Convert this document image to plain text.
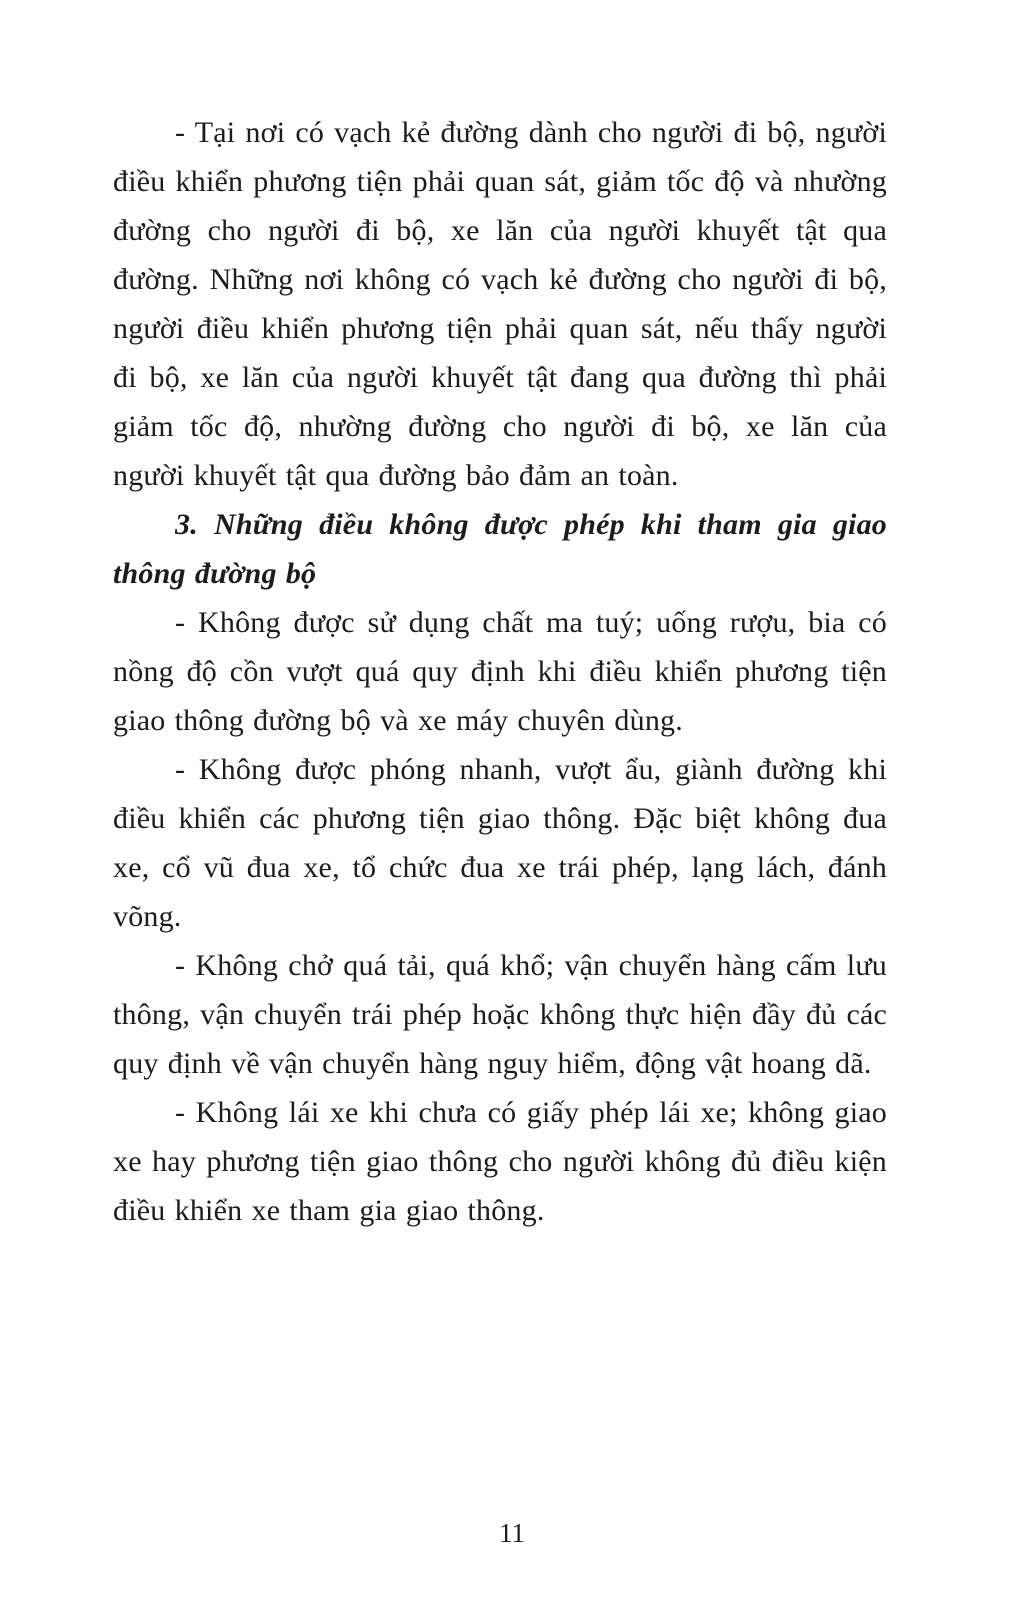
- Tại nơi có vạch kẻ đường dành cho người đi bộ, người điều khiển phương tiện phải quan sát, giảm tốc độ và nhường đường cho người đi bộ, xe lăn của người khuyết tật qua đường. Những nơi không có vạch kẻ đường cho người đi bộ, người điều khiển phương tiện phải quan sát, nếu thấy người đi bộ, xe lăn của người khuyết tật đang qua đường thì phải giảm tốc độ, nhường đường cho người đi bộ, xe lăn của người khuyết tật qua đường bảo đảm an toàn.

3. Những điều không được phép khi tham gia giao thông đường bộ

- Không được sử dụng chất ma tuý; uống rượu, bia có nồng độ cồn vượt quá quy định khi điều khiển phương tiện giao thông đường bộ và xe máy chuyên dùng.

- Không được phóng nhanh, vượt ẩu, giành đường khi điều khiển các phương tiện giao thông. Đặc biệt không đua xe, cổ vũ đua xe, tổ chức đua xe trái phép, lạng lách, đánh võng.

- Không chở quá tải, quá khổ; vận chuyển hàng cấm lưu thông, vận chuyển trái phép hoặc không thực hiện đầy đủ các quy định về vận chuyển hàng nguy hiểm, động vật hoang dã.

- Không lái xe khi chưa có giấy phép lái xe; không giao xe hay phương tiện giao thông cho người không đủ điều kiện điều khiển xe tham gia giao thông.

11
